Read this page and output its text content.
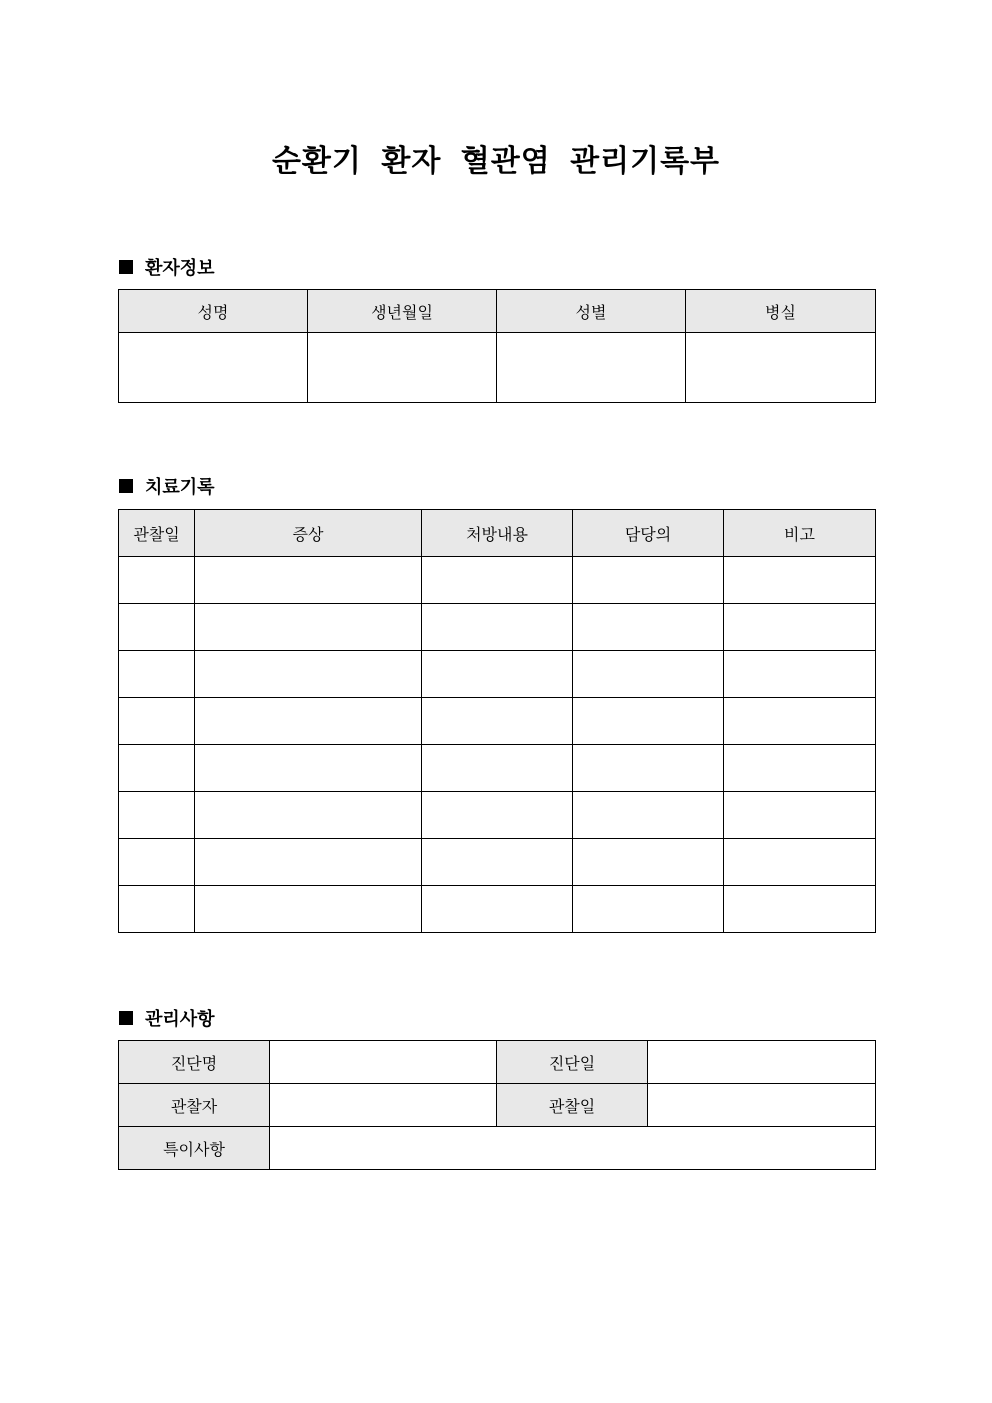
순환기 환자 혈관염 관리기록부
환자정보
성명	생년월일	성별	병실

치료기록
관찰일	증상	처방내용	담당의	비고

관리사항
진단명		진단일	
관찰자		관찰일	
특이사항			
